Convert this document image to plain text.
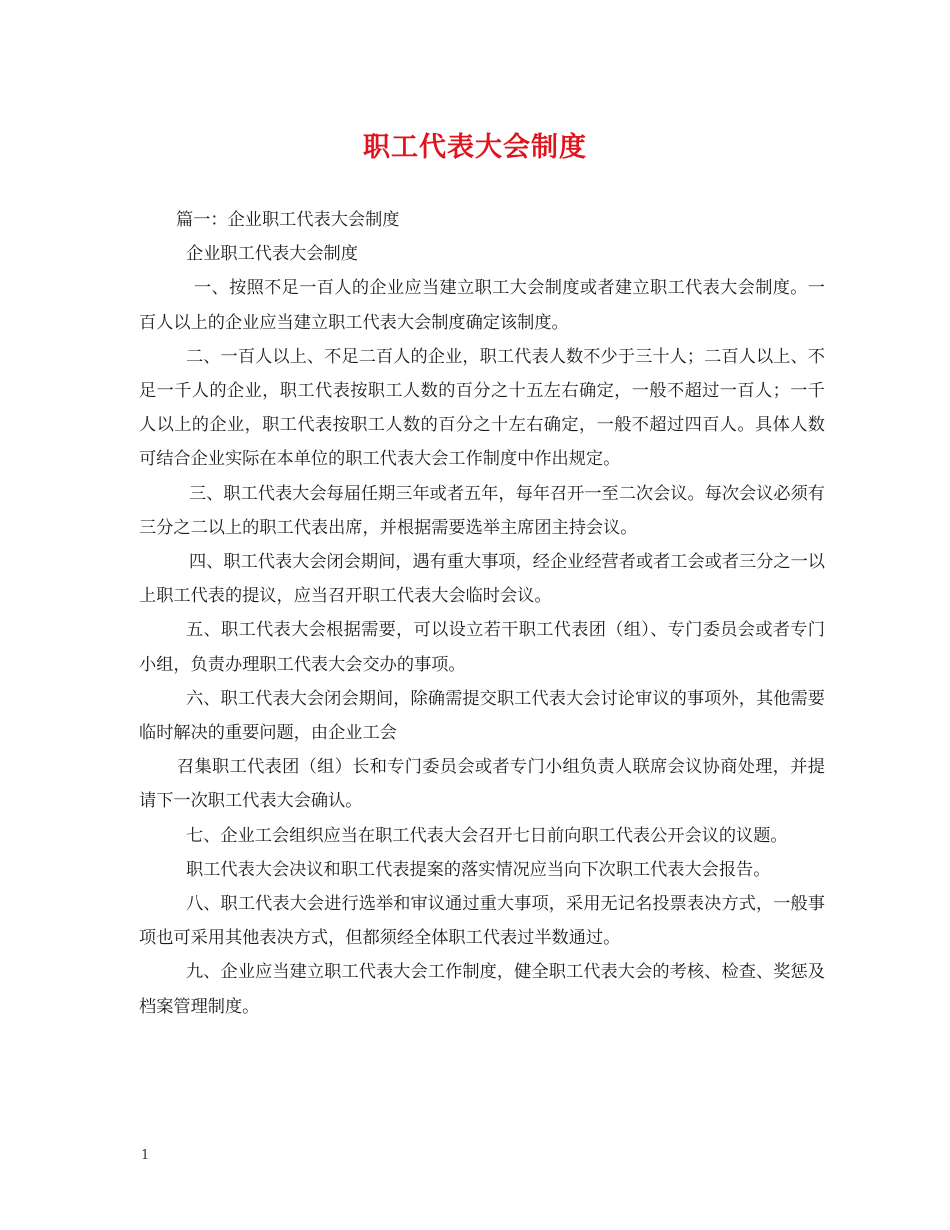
职工代表大会制度

篇一：企业职工代表大会制度

企业职工代表大会制度

一、按照不足一百人的企业应当建立职工大会制度或者建立职工代表大会制度。一百人以上的企业应当建立职工代表大会制度确定该制度。

二、一百人以上、不足二百人的企业，职工代表人数不少于三十人；二百人以上、不足一千人的企业，职工代表按职工人数的百分之十五左右确定，一般不超过一百人；一千人以上的企业，职工代表按职工人数的百分之十左右确定，一般不超过四百人。具体人数可结合企业实际在本单位的职工代表大会工作制度中作出规定。

三、职工代表大会每届任期三年或者五年，每年召开一至二次会议。每次会议必须有三分之二以上的职工代表出席，并根据需要选举主席团主持会议。

四、职工代表大会闭会期间，遇有重大事项，经企业经营者或者工会或者三分之一以上职工代表的提议，应当召开职工代表大会临时会议。

五、职工代表大会根据需要，可以设立若干职工代表团（组）、专门委员会或者专门小组，负责办理职工代表大会交办的事项。

六、职工代表大会闭会期间，除确需提交职工代表大会讨论审议的事项外，其他需要临时解决的重要问题，由企业工会

召集职工代表团（组）长和专门委员会或者专门小组负责人联席会议协商处理，并提请下一次职工代表大会确认。

七、企业工会组织应当在职工代表大会召开七日前向职工代表公开会议的议题。

职工代表大会决议和职工代表提案的落实情况应当向下次职工代表大会报告。

八、职工代表大会进行选举和审议通过重大事项，采用无记名投票表决方式，一般事项也可采用其他表决方式，但都须经全体职工代表过半数通过。

九、企业应当建立职工代表大会工作制度，健全职工代表大会的考核、检查、奖惩及档案管理制度。

1
